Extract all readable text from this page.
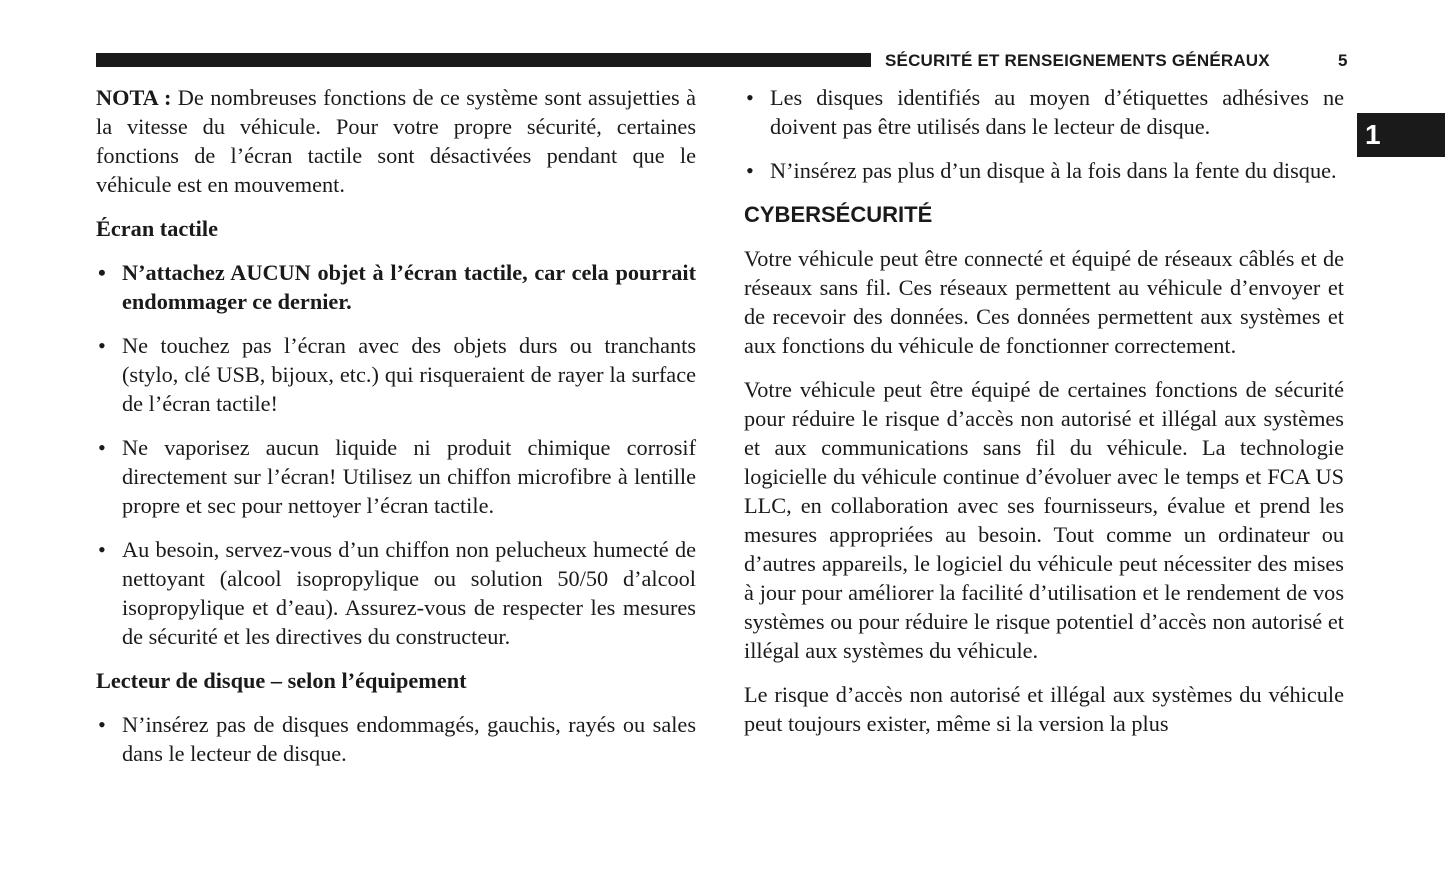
SÉCURITÉ ET RENSEIGNEMENTS GÉNÉRAUX	5
1

NOTA : De nombreuses fonctions de ce système sont assujetties à la vitesse du véhicule. Pour votre propre sécurité, certaines fonctions de l’écran tactile sont désactivées pendant que le véhicule est en mouvement.

Écran tactile
• N’attachez AUCUN objet à l’écran tactile, car cela pourrait endommager ce dernier.
• Ne touchez pas l’écran avec des objets durs ou tranchants (stylo, clé USB, bijoux, etc.) qui risqueraient de rayer la surface de l’écran tactile!
• Ne vaporisez aucun liquide ni produit chimique corrosif directement sur l’écran! Utilisez un chiffon microfibre à lentille propre et sec pour nettoyer l’écran tactile.
• Au besoin, servez-vous d’un chiffon non pelucheux humecté de nettoyant (alcool isopropylique ou solution 50/50 d’alcool isopropylique et d’eau). Assurez-vous de respecter les mesures de sécurité et les directives du constructeur.
Lecteur de disque – selon l’équipement
• N’insérez pas de disques endommagés, gauchis, rayés ou sales dans le lecteur de disque.
• Les disques identifiés au moyen d’étiquettes adhésives ne doivent pas être utilisés dans le lecteur de disque.
• N’insérez pas plus d’un disque à la fois dans la fente du disque.
CYBERSÉCURITÉ

Votre véhicule peut être connecté et équipé de réseaux câblés et de réseaux sans fil. Ces réseaux permettent au véhicule d’envoyer et de recevoir des données. Ces données permettent aux systèmes et aux fonctions du véhicule de fonctionner correctement.

Votre véhicule peut être équipé de certaines fonctions de sécurité pour réduire le risque d’accès non autorisé et illégal aux systèmes et aux communications sans fil du véhicule. La technologie logicielle du véhicule continue d’évoluer avec le temps et FCA US LLC, en collaboration avec ses fournisseurs, évalue et prend les mesures appropriées au besoin. Tout comme un ordinateur ou d’autres appareils, le logiciel du véhicule peut nécessiter des mises à jour pour améliorer la facilité d’utilisation et le rendement de vos systèmes ou pour réduire le risque potentiel d’accès non autorisé et illégal aux systèmes du véhicule.

Le risque d’accès non autorisé et illégal aux systèmes du véhicule peut toujours exister, même si la version la plus
